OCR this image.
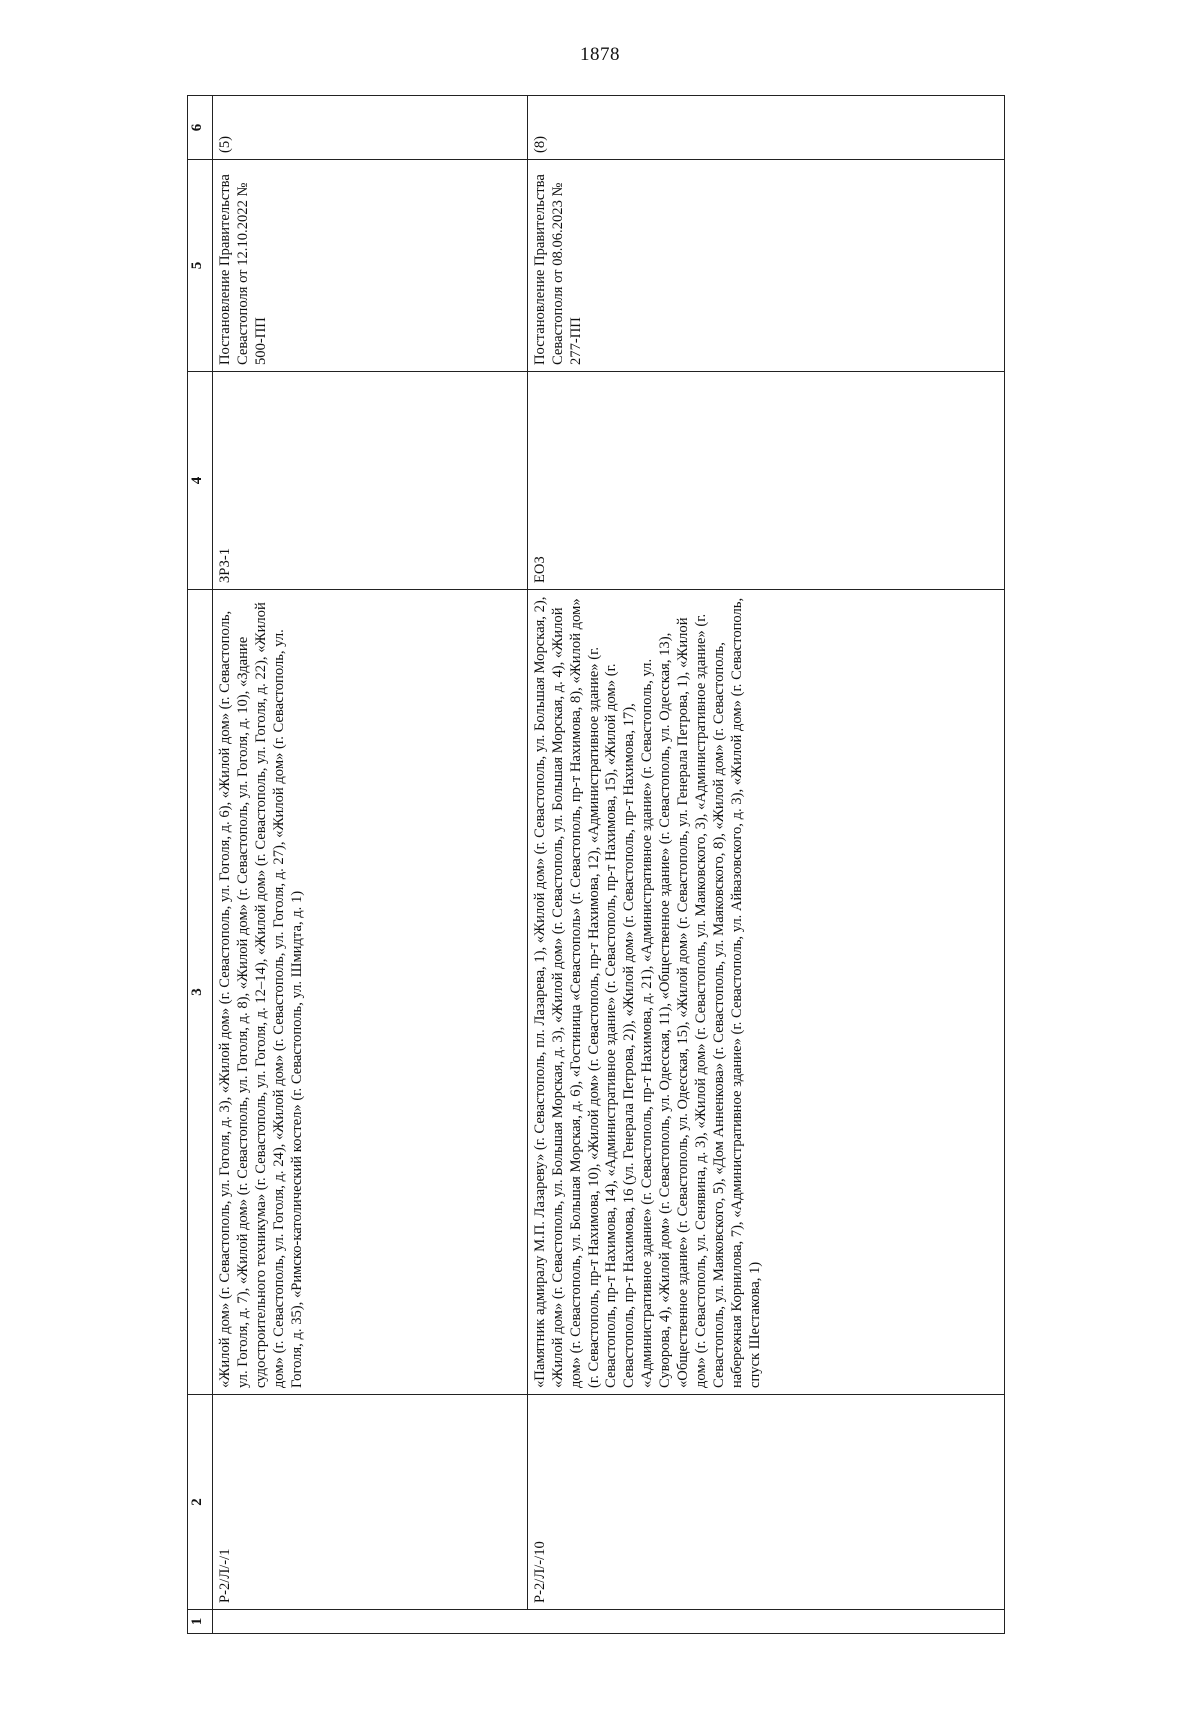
1878
1	2	3	4	5	6
	Р-2/Л/-/1	«Жилой дом» (г. Севастополь, ул. Гоголя, д. 3), «Жилой дом» (г. Севастополь, ул. Гоголя, д. 6), «Жилой дом» (г. Севастополь, ул. Гоголя, д. 7), «Жилой дом» (г. Севастополь, ул. Гоголя, д. 8), «Жилой дом» (г. Севастополь, ул. Гоголя, д. 10), «Здание судостроительного техникума» (г. Севастополь, ул. Гоголя, д. 12–14), «Жилой дом» (г. Севастополь, ул. Гоголя, д. 22), «Жилой дом» (г. Севастополь, ул. Гоголя, д. 24), «Жилой дом» (г. Севастополь, ул. Гоголя, д. 27), «Жилой дом» (г. Севастополь, ул. Гоголя, д. 35), «Римско-католический костел» (г. Севастополь, ул. Шмидта, д. 1)	ЗРЗ-1	Постановление Правительства Севастополя от 12.10.2022 № 500-ПП	(5)
	Р-2/Л/-/10	«Памятник адмиралу М.П. Лазареву» (г. Севастополь, пл. Лазарева, 1), «Жилой дом» (г. Севастополь, ул. Большая Морская, 2), «Жилой дом» (г. Севастополь, ул. Большая Морская, д. 3), «Жилой дом» (г. Севастополь, ул. Большая Морская, д. 4), «Жилой дом» (г. Севастополь, ул. Большая Морская, д. 6), «Гостиница «Севастополь» (г. Севастополь, пр-т Нахимова, 8), «Жилой дом» (г. Севастополь, пр-т Нахимова, 10), «Жилой дом» (г. Севастополь, пр-т Нахимова, 12), «Административное здание» (г. Севастополь, пр-т Нахимова, 14), «Административное здание» (г. Севастополь, пр-т Нахимова, 15), «Жилой дом» (г. Севастополь, пр-т Нахимова, 16 (ул. Генерала Петрова, 2)), «Жилой дом» (г. Севастополь, пр-т Нахимова, 17), «Административное здание» (г. Севастополь, пр-т Нахимова, д. 21), «Административное здание» (г. Севастополь, ул. Суворова, 4), «Жилой дом» (г. Севастополь, ул. Одесская, 11), «Общественное здание» (г. Севастополь, ул. Одесская, 13), «Общественное здание» (г. Севастополь, ул. Одесская, 15), «Жилой дом» (г. Севастополь, ул. Генерала Петрова, 1), «Жилой дом» (г. Севастополь, ул. Сенявина, д. 3), «Жилой дом» (г. Севастополь, ул. Маяковского, 3), «Административное здание» (г. Севастополь, ул. Маяковского, 5), «Дом Анненкова» (г. Севастополь, ул. Маяковского, 8), «Жилой дом» (г. Севастополь, набережная Корнилова, 7), «Административное здание» (г. Севастополь, ул. Айвазовского, д. 3), «Жилой дом» (г. Севастополь, спуск Шестакова, 1)	ЕОЗ	Постановление Правительства Севастополя от 08.06.2023 № 277-ПП	(8)
